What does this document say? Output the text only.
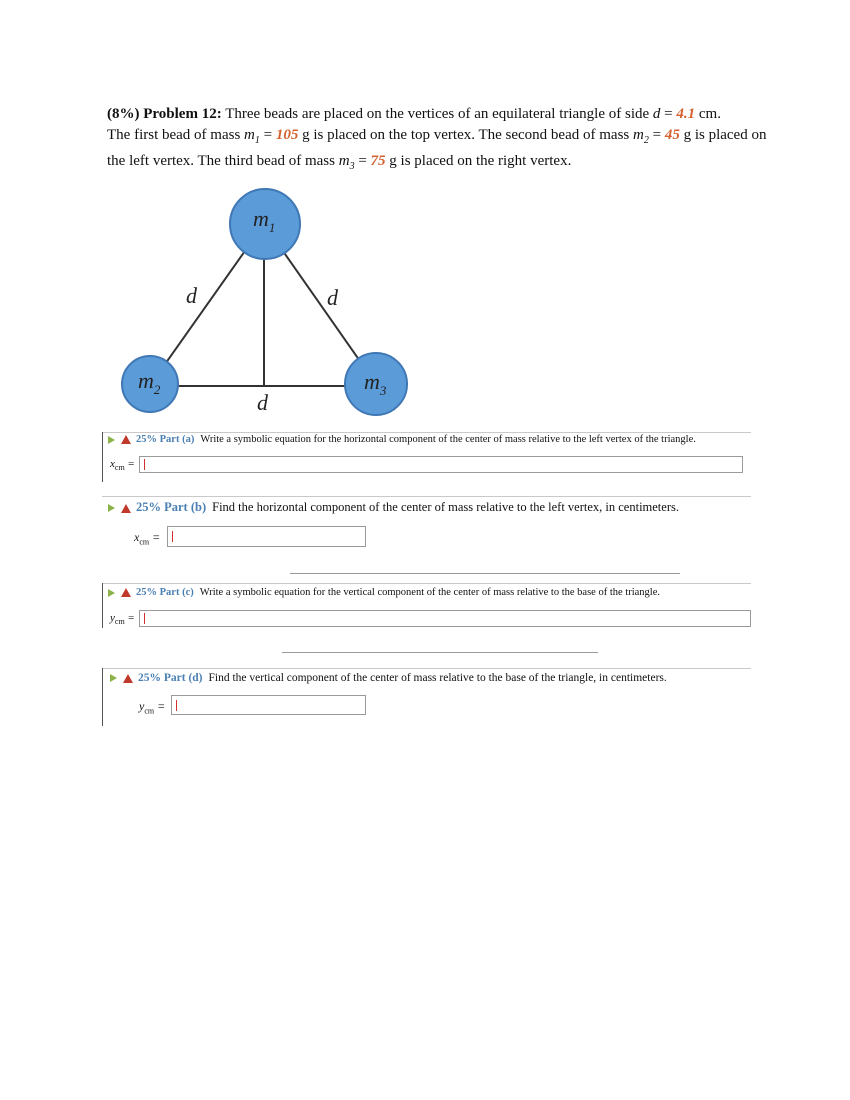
(8%) Problem 12: Three beads are placed on the vertices of an equilateral triangle of side d = 4.1 cm.
The first bead of mass $m_1 = 105$ g is placed on the top vertex. The second bead of mass $m_2 = 45$ g is placed on the left vertex. The third bead of mass $m_3 = 75$ g is placed on the right vertex.
$m_1$
$m_2$	$m_3$
d	d
d
25% Part (a) Write a symbolic equation for the horizontal component of the center of mass relative to the left vertex of the triangle.
$x_{cm}$ =
25% Part (b) Find the horizontal component of the center of mass relative to the left vertex, in centimeters.
$x_{cm}$ =
25% Part (c) Write a symbolic equation for the vertical component of the center of mass relative to the base of the triangle.
$y_{cm}$ =
25% Part (d) Find the vertical component of the center of mass relative to the base of the triangle, in centimeters.
$y_{cm}$ =
